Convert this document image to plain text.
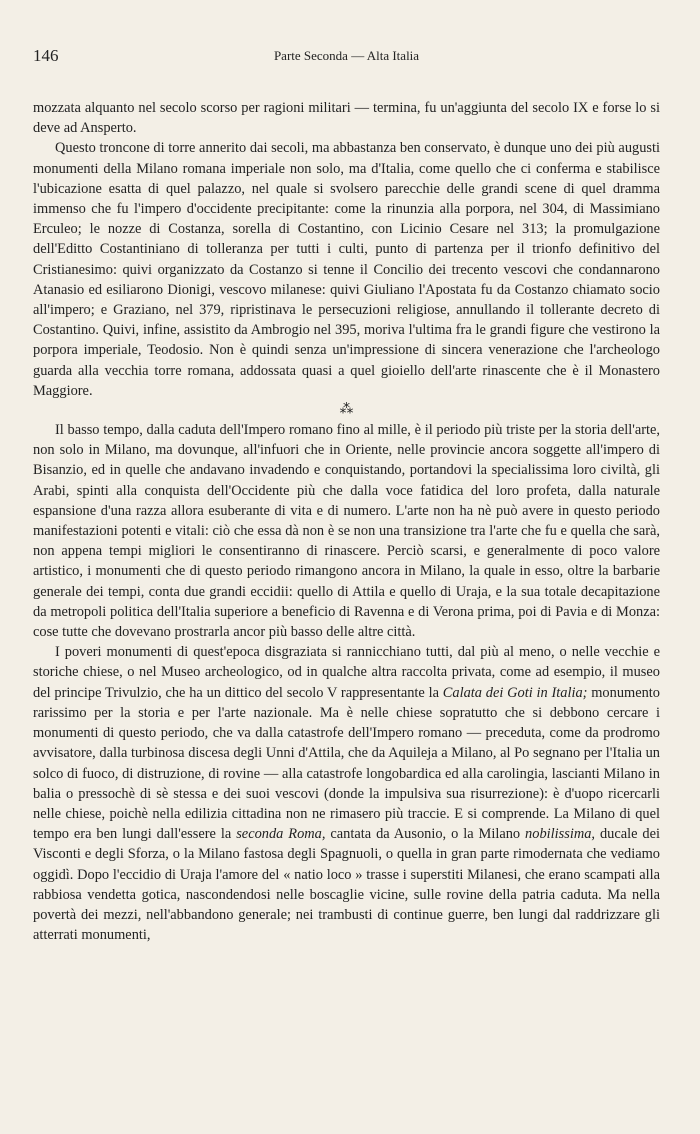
146	Parte Seconda — Alta Italia

mozzata alquanto nel secolo scorso per ragioni militari — termina, fu un'aggiunta del secolo IX e forse lo si deve ad Ansperto.

Questo troncone di torre annerito dai secoli, ma abbastanza ben conservato, è dunque uno dei più augusti monumenti della Milano romana imperiale non solo, ma d'Italia, come quello che ci conferma e stabilisce l'ubicazione esatta di quel palazzo, nel quale si svolsero parecchie delle grandi scene di quel dramma immenso che fu l'impero d'occidente precipitante: come la rinunzia alla porpora, nel 304, di Massimiano Erculeo; le nozze di Costanza, sorella di Costantino, con Licinio Cesare nel 313; la promulgazione dell'Editto Costantiniano di tolleranza per tutti i culti, punto di partenza per il trionfo definitivo del Cristianesimo: quivi organizzato da Costanzo si tenne il Concilio dei trecento vescovi che condannarono Atanasio ed esiliarono Dionigi, vescovo milanese: quivi Giuliano l'Apostata fu da Costanzo chiamato socio all'impero; e Graziano, nel 379, ripristinava le persecuzioni religiose, annullando il tollerante decreto di Costantino. Quivi, infine, assistito da Ambrogio nel 395, moriva l'ultima fra le grandi figure che vestirono la porpora imperiale, Teodosio. Non è quindi senza un'impressione di sincera venerazione che l'archeologo guarda alla vecchia torre romana, addossata quasi a quel gioiello dell'arte rinascente che è il Monastero Maggiore.

⁂

Il basso tempo, dalla caduta dell'Impero romano fino al mille, è il periodo più triste per la storia dell'arte, non solo in Milano, ma dovunque, all'infuori che in Oriente, nelle provincie ancora soggette all'impero di Bisanzio, ed in quelle che andavano invadendo e conquistando, portandovi la specialissima loro civiltà, gli Arabi, spinti alla conquista dell'Occidente più che dalla voce fatidica del loro profeta, dalla naturale espansione d'una razza allora esuberante di vita e di numero. L'arte non ha nè può avere in questo periodo manifestazioni potenti e vitali: ciò che essa dà non è se non una transizione tra l'arte che fu e quella che sarà, non appena tempi migliori le consentiranno di rinascere. Perciò scarsi, e generalmente di poco valore artistico, i monumenti che di questo periodo rimangono ancora in Milano, la quale in esso, oltre la barbarie generale dei tempi, conta due grandi eccidii: quello di Attila e quello di Uraja, e la sua totale decapitazione da metropoli politica dell'Italia superiore a beneficio di Ravenna e di Verona prima, poi di Pavia e di Monza: cose tutte che dovevano prostrarla ancor più basso delle altre città.

I poveri monumenti di quest'epoca disgraziata si rannicchiano tutti, dal più al meno, o nelle vecchie e storiche chiese, o nel Museo archeologico, od in qualche altra raccolta privata, come ad esempio, il museo del principe Trivulzio, che ha un dittico del secolo V rappresentante la Calata dei Goti in Italia; monumento rarissimo per la storia e per l'arte nazionale. Ma è nelle chiese sopratutto che si debbono cercare i monumenti di questo periodo, che va dalla catastrofe dell'Impero romano — preceduta, come da prodromo avvisatore, dalla turbinosa discesa degli Unni d'Attila, che da Aquileja a Milano, al Po segnano per l'Italia un solco di fuoco, di distruzione, di rovine — alla catastrofe longobardica ed alla carolingia, lascianti Milano in balia o pressochè di sè stessa e dei suoi vescovi (donde la impulsiva sua risurrezione): è d'uopo ricercarli nelle chiese, poichè nella edilizia cittadina non ne rimasero più traccie. E si comprende. La Milano di quel tempo era ben lungi dall'essere la seconda Roma, cantata da Ausonio, o la Milano nobilissima, ducale dei Visconti e degli Sforza, o la Milano fastosa degli Spagnuoli, o quella in gran parte rimodernata che vediamo oggidì. Dopo l'eccidio di Uraja l'amore del « natio loco » trasse i superstiti Milanesi, che erano scampati alla rabbiosa vendetta gotica, nascondendosi nelle boscaglie vicine, sulle rovine della patria caduta. Ma nella povertà dei mezzi, nell'abbandono generale; nei trambusti di continue guerre, ben lungi dal raddrizzare gli atterrati monumenti,
